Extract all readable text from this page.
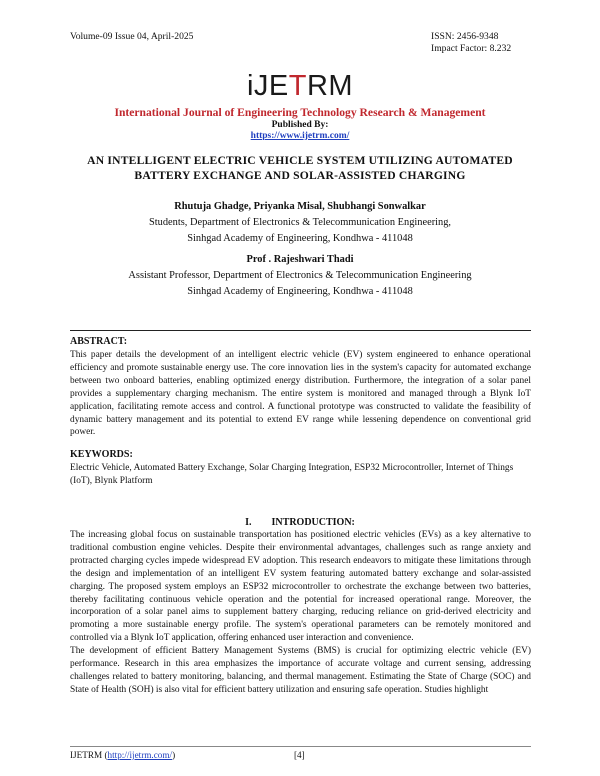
Volume-09 Issue 04, April-2025	ISSN: 2456-9348
Impact Factor: 8.232
iJETRM
International Journal of Engineering Technology Research & Management
Published By:
https://www.ijetrm.com/
AN INTELLIGENT ELECTRIC VEHICLE SYSTEM UTILIZING AUTOMATED BATTERY EXCHANGE AND SOLAR-ASSISTED CHARGING
Rhutuja Ghadge, Priyanka Misal, Shubhangi Sonwalkar
Students, Department of Electronics & Telecommunication Engineering,
Sinhgad Academy of Engineering, Kondhwa - 411048
Prof . Rajeshwari Thadi
Assistant Professor, Department of Electronics & Telecommunication Engineering
Sinhgad Academy of Engineering, Kondhwa - 411048
ABSTRACT:
This paper details the development of an intelligent electric vehicle (EV) system engineered to enhance operational efficiency and promote sustainable energy use. The core innovation lies in the system's capacity for automated exchange between two onboard batteries, enabling optimized energy distribution. Furthermore, the integration of a solar panel provides a supplementary charging mechanism. The entire system is monitored and managed through a Blynk IoT application, facilitating remote access and control. A functional prototype was constructed to validate the feasibility of dynamic battery management and its potential to extend EV range while lessening dependence on conventional grid power.
KEYWORDS:
Electric Vehicle, Automated Battery Exchange, Solar Charging Integration, ESP32 Microcontroller, Internet of Things (IoT), Blynk Platform
I. INTRODUCTION:

The increasing global focus on sustainable transportation has positioned electric vehicles (EVs) as a key alternative to traditional combustion engine vehicles. Despite their environmental advantages, challenges such as range anxiety and protracted charging cycles impede widespread EV adoption. This research endeavors to mitigate these limitations through the design and implementation of an intelligent EV system featuring automated battery exchange and solar-assisted charging. The proposed system employs an ESP32 microcontroller to orchestrate the exchange between two batteries, thereby facilitating continuous vehicle operation and the potential for increased operational range. Moreover, the incorporation of a solar panel aims to supplement battery charging, reducing reliance on grid-derived electricity and promoting a more sustainable energy profile. The system's operational parameters can be remotely monitored and controlled via a Blynk IoT application, offering enhanced user interaction and convenience.

The development of efficient Battery Management Systems (BMS) is crucial for optimizing electric vehicle (EV) performance. Research in this area emphasizes the importance of accurate voltage and current sensing, addressing challenges related to battery monitoring, balancing, and thermal management. Estimating the State of Charge (SOC) and State of Health (SOH) is also vital for efficient battery utilization and ensuring safe operation. Studies highlight

IJETRM (http://ijetrm.com/)	[4]
